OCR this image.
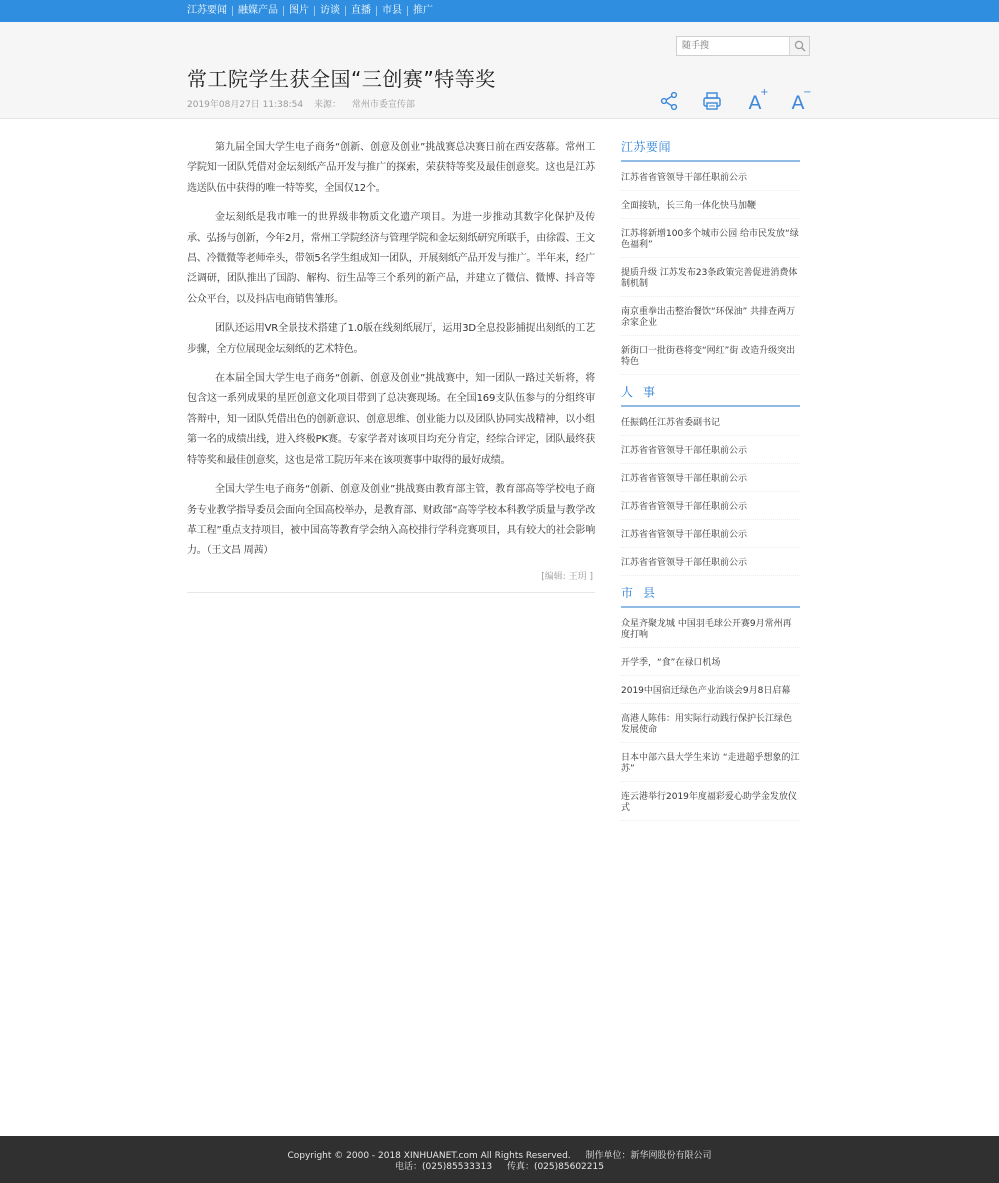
江苏要闻	融媒产品	图片	访谈	直播	市县	推广
随手搜
常工院学生获全国“三创赛”特等奖
2019年08月27日 11:38:54 来源： 常州市委宣传部	A
+ A
−

第九届全国大学生电子商务“创新、创意及创业”挑战赛总决赛日前在西安落幕。常州工学院知一团队凭借对金坛刻纸产品开发与推广的探索，荣获特等奖及最佳创意奖。这也是江苏选送队伍中获得的唯一特等奖，全国仅12个。

金坛刻纸是我市唯一的世界级非物质文化遗产项目。为进一步推动其数字化保护及传承、弘扬与创新，今年2月，常州工学院经济与管理学院和金坛刻纸研究所联手，由徐霞、王文昌、冷微微等老师牵头，带领5名学生组成知一团队，开展刻纸产品开发与推广。半年来，经广泛调研，团队推出了国韵、解构、衍生品等三个系列的新产品，并建立了微信、微博、抖音等公众平台，以及抖店电商销售雏形。

团队还运用VR全景技术搭建了1.0版在线刻纸展厅，运用3D全息投影捕捉出刻纸的工艺步骤，全方位展现金坛刻纸的艺术特色。

在本届全国大学生电子商务“创新、创意及创业”挑战赛中，知一团队一路过关斩将，将包含这一系列成果的星匠创意文化项目带到了总决赛现场。在全国169支队伍参与的分组终审答辩中，知一团队凭借出色的创新意识、创意思维、创业能力以及团队协同实战精神，以小组第一名的成绩出线，进入终极PK赛。专家学者对该项目均充分肯定，经综合评定，团队最终获特等奖和最佳创意奖，这也是常工院历年来在该项赛事中取得的最好成绩。

全国大学生电子商务“创新、创意及创业”挑战赛由教育部主管，教育部高等学校电子商务专业教学指导委员会面向全国高校举办，是教育部、财政部“高等学校本科教学质量与教学改革工程”重点支持项目，被中国高等教育学会纳入高校排行学科竞赛项目，具有较大的社会影响力。（王文昌 周茜）

[编辑: 王玥 ]
江苏要闻
江苏省省管领导干部任职前公示
全面接轨，长三角一体化快马加鞭
江苏将新增100多个城市公园 给市民发放“绿色福利”
提质升级 江苏发布23条政策完善促进消费体制机制
南京重拳出击整治餐饮“环保油” 共排查两万余家企业
新街口一批街巷将变“网红”街 改造升级突出特色
人事
任振鹤任江苏省委副书记
江苏省省管领导干部任职前公示
江苏省省管领导干部任职前公示
江苏省省管领导干部任职前公示
江苏省省管领导干部任职前公示
江苏省省管领导干部任职前公示
市县
众星齐聚龙城 中国羽毛球公开赛9月常州再度打响
开学季，“食”在禄口机场
2019中国宿迁绿色产业治谈会9月8日启幕
高港人陈伟：用实际行动践行保护长江绿色发展使命
日本中部六县大学生来访 “走进超乎想象的江苏”
连云港举行2019年度福彩爱心助学金发放仪式
Copyright © 2000 - 2018 XINHUANET.com All Rights Reserved. 制作单位：新华网股份有限公司
电话：(025)85533313 传真：(025)85602215
